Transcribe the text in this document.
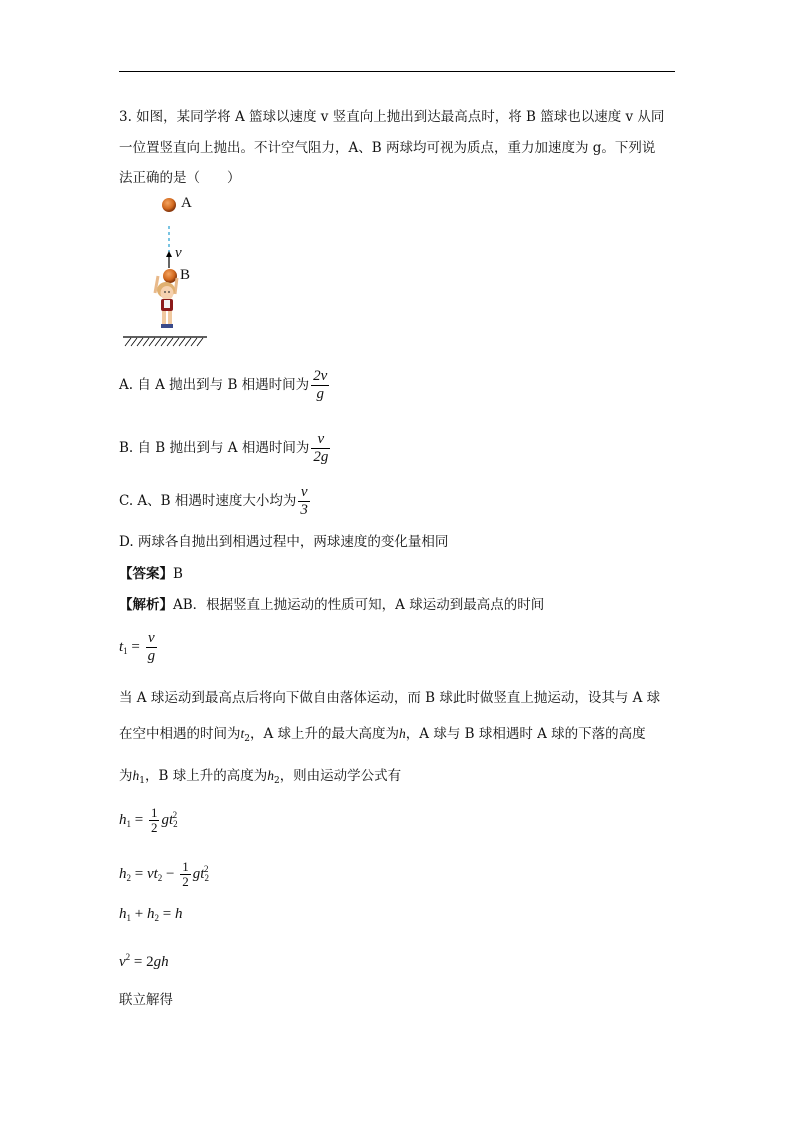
3. 如图，某同学将 A 篮球以速度 v 竖直向上抛出到达最高点时，将 B 篮球也以速度 v 从同
一位置竖直向上抛出。不计空气阻力，A、B 两球均可视为质点，重力加速度为 g。下列说
法正确的是（　　）
A
v
B
A. 自 A 抛出到与 B 相遇时间为 $\frac{2v}{g}$
B. 自 B 抛出到与 A 相遇时间为 $\frac{v}{2g}$
C. A、B 相遇时速度大小均为 $\frac{v}{3}$
D. 两球各自抛出到相遇过程中，两球速度的变化量相同
【答案】B
【解析】AB．根据竖直上抛运动的性质可知，A 球运动到最高点的时间
$t_1 = \frac{v}{g}$
当 A 球运动到最高点后将向下做自由落体运动，而 B 球此时做竖直上抛运动，设其与 A 球
在空中相遇的时间为$t_2$，A 球上升的最大高度为h，A 球与 B 球相遇时 A 球的下落的高度
为$h_1$，B 球上升的高度为$h_2$，则由运动学公式有
$h_1 = \frac{1}{2} gt_2^2$
$h_2 = vt_2 - \frac{1}{2} gt_2^2$
$h_1 + h_2 = h$
$v^2 = 2gh$
联立解得
